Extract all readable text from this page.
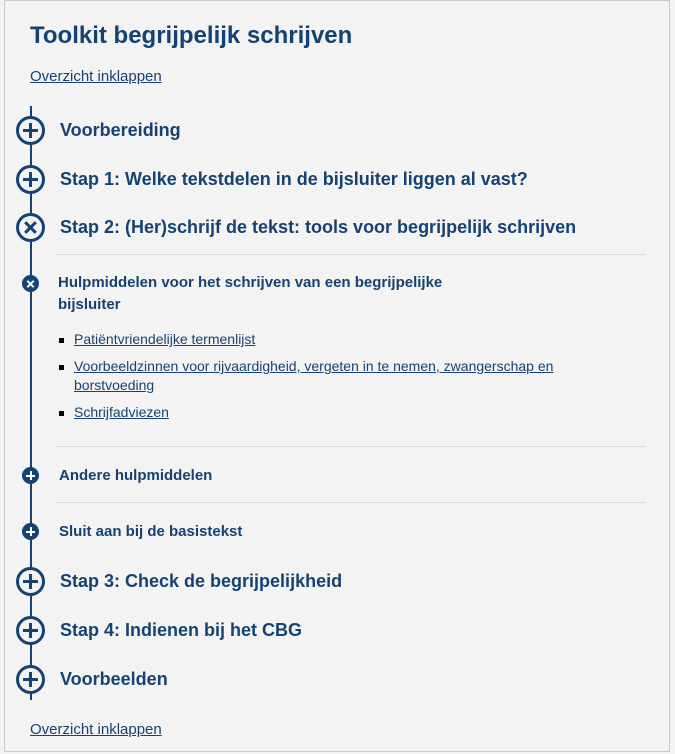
Toolkit begrijpelijk schrijven
Overzicht inklappen
Voorbereiding
Stap 1: Welke tekstdelen in de bijsluiter liggen al vast?
Stap 2: (Her)schrijf de tekst: tools voor begrijpelijk schrijven
Hulpmiddelen voor het schrijven van een begrijpelijke bijsluiter
Patiëntvriendelijke termenlijst
Voorbeeldzinnen voor rijvaardigheid, vergeten in te nemen, zwangerschap en borstvoeding
Schrijfadviezen
Andere hulpmiddelen
Sluit aan bij de basistekst
Stap 3: Check de begrijpelijkheid
Stap 4: Indienen bij het CBG
Voorbeelden
Overzicht inklappen
